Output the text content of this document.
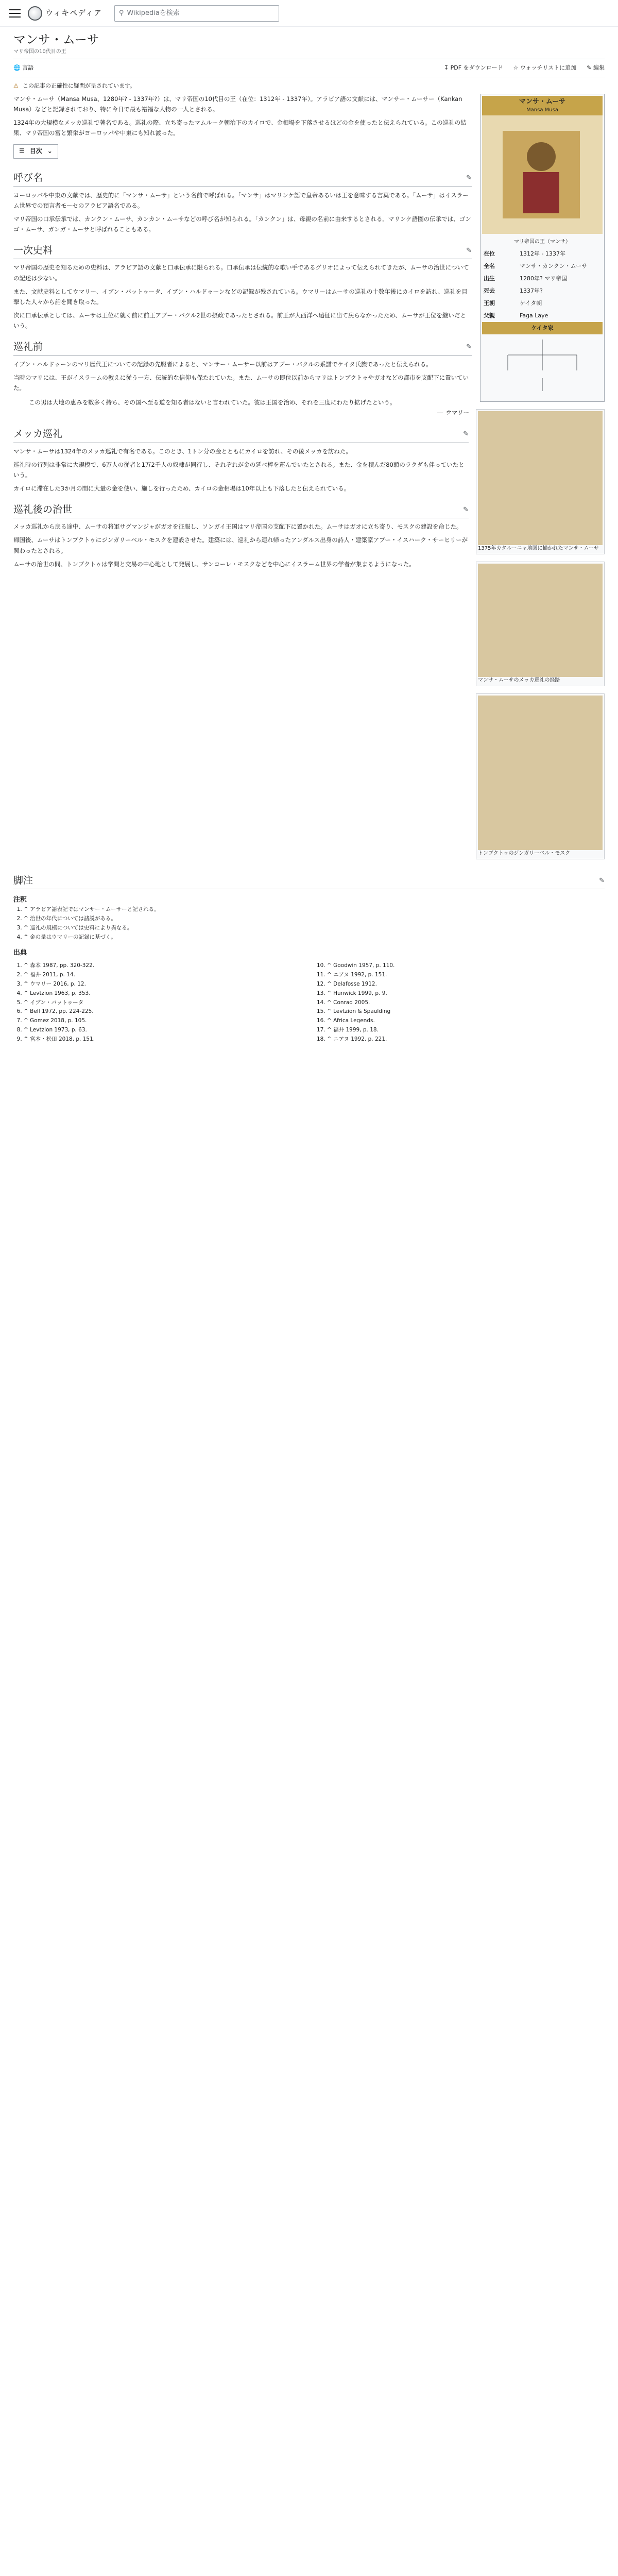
ウィキペディア	⚲ Wikipediaを検索
マンサ・ムーサ
マリ帝国の10代目の王
🌐 言語	↧ PDF をダウンロード ☆ ウォッチリストに追加 ✎ 編集
⚠ この記事の正確性に疑問が呈されています。
マンサ・ムーサ
Mansa Musa
マリ帝国の王（マンサ）
在位	1312年 - 1337年
全名	マンサ・カンクン・ムーサ
出生	1280年? マリ帝国
死去	1337年?
王朝	ケイタ朝
父親	Faga Laye
ケイタ家

マンサ・ムーサ（Mansa Musa、1280年? - 1337年?）は、マリ帝国の10代目の王（在位：1312年 - 1337年）。アラビア語の文献には、マンサー・ムーサー（Kankan Musa）などと記録されており、特に今日で最も裕福な人物の一人とされる。

1324年の大規模なメッカ巡礼で著名である。巡礼の際、立ち寄ったマムルーク朝治下のカイロで、金相場を下落させるほどの金を使ったと伝えられている。この巡礼の結果、マリ帝国の富と繁栄がヨーロッパや中東にも知れ渡った。

☰ 目次 ⌄
呼び名	✎

ヨーロッパや中東の文献では、歴史的に「マンサ・ムーサ」という名前で呼ばれる。「マンサ」はマリンケ語で皇帝あるいは王を意味する言葉である。「ムーサ」はイスラーム世界での預言者モーセのアラビア語名である。

マリ帝国の口承伝承では、カンクン・ムーサ、カンカン・ムーサなどの呼び名が知られる。「カンクン」は、母親の名前に由来するとされる。マリンケ語圏の伝承では、ゴンゴ・ムーサ、ガンガ・ムーサと呼ばれることもある。

一次史料	✎

マリ帝国の歴史を知るための史料は、アラビア語の文献と口承伝承に限られる。口承伝承は伝統的な歌い手であるグリオによって伝えられてきたが、ムーサの治世についての記述は少ない。

また、文献史料としてウマリー、イブン・バットゥータ、イブン・ハルドゥーンなどの記録が残されている。ウマリーはムーサの巡礼の十数年後にカイロを訪れ、巡礼を目撃した人々から話を聞き取った。

次に口承伝承としては、ムーサは王位に就く前に前王アブー・バクル2世の摂政であったとされる。前王が大西洋へ遠征に出て戻らなかったため、ムーサが王位を継いだという。

巡礼前	✎
1375年カタルーニャ地図に描かれたマンサ・ムーサ

イブン・ハルドゥーンのマリ歴代王についての記録の先駆者によると、マンサー・ムーサー以前はアブー・バクルの系譜でケイタ氏族であったと伝えられる。

当時のマリには、王がイスラームの教えに従う一方、伝統的な信仰も保たれていた。また、ムーサの即位以前からマリはトンブクトゥやガオなどの都市を支配下に置いていた。

この男は大地の恵みを数多く持ち、その国へ至る道を知る者はないと言われていた。彼は王国を治め、それを三度にわたり拡げたという。
― ウマリー
メッカ巡礼	✎
マンサ・ムーサのメッカ巡礼の経路

マンサ・ムーサは1324年のメッカ巡礼で有名である。このとき、1トン分の金とともにカイロを訪れ、その後メッカを訪ねた。

巡礼時の行列は非常に大規模で、6万人の従者と1万2千人の奴隷が同行し、それぞれが金の延べ棒を運んでいたとされる。また、金を積んだ80頭のラクダも伴っていたという。

カイロに滞在した3か月の間に大量の金を使い、施しを行ったため、カイロの金相場は10年以上も下落したと伝えられている。

巡礼後の治世	✎
トンブクトゥのジンガリーベル・モスク

メッカ巡礼から戻る途中、ムーサの将軍サグマンジャがガオを征服し、ソンガイ王国はマリ帝国の支配下に置かれた。ムーサはガオに立ち寄り、モスクの建設を命じた。

帰国後、ムーサはトンブクトゥにジンガリーベル・モスクを建設させた。建築には、巡礼から連れ帰ったアンダルス出身の詩人・建築家アブー・イスハーク・サーヒリーが関わったとされる。

ムーサの治世の間、トンブクトゥは学問と交易の中心地として発展し、サンコーレ・モスクなどを中心にイスラーム世界の学者が集まるようになった。

脚注	✎
注釈
1. ^ アラビア語表記ではマンサー・ムーサーと記される。
2. ^ 治世の年代については諸説がある。
3. ^ 巡礼の規模については史料により異なる。
4. ^ 金の量はウマリーの記録に基づく。
出典
1. ^ 森本 1987, pp. 320-322.
2. ^ 福井 2011, p. 14.
3. ^ ウマリー 2016, p. 12.
4. ^ Levtzion 1963, p. 353.
5. ^ イブン・バットゥータ
6. ^ Bell 1972, pp. 224-225.
7. ^ Gomez 2018, p. 105.
8. ^ Levtzion 1973, p. 63.
9. ^ 宮本・松田 2018, p. 151.
10. ^ Goodwin 1957, p. 110.
11. ^ ニアヌ 1992, p. 151.
12. ^ Delafosse 1912.
13. ^ Hunwick 1999, p. 9.
14. ^ Conrad 2005.
15. ^ Levtzion & Spaulding
16. ^ Africa Legends.
17. ^ 福井 1999, p. 18.
18. ^ ニアヌ 1992, p. 221.
